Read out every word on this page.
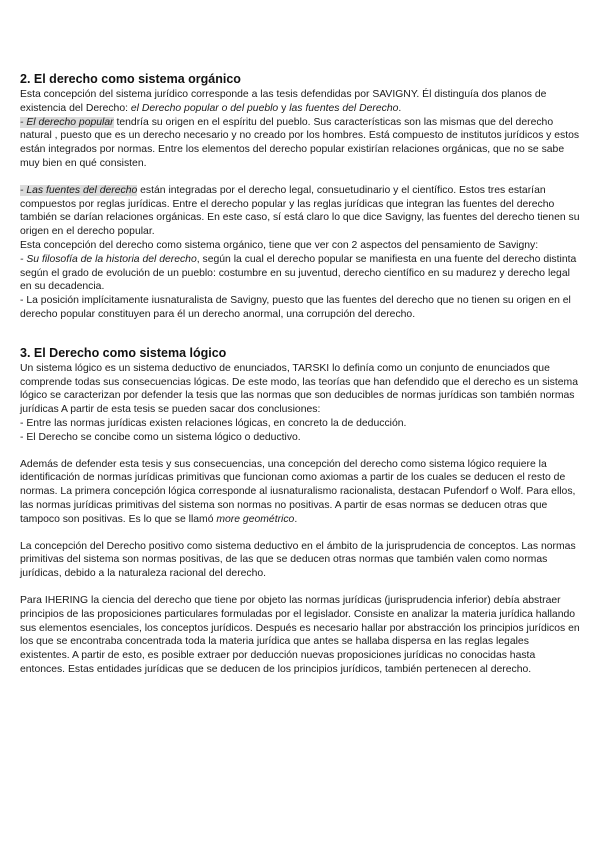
2. El derecho como sistema orgánico

Esta concepción del sistema jurídico corresponde a las tesis defendidas por SAVIGNY. Él distinguía dos planos de existencia del Derecho: el Derecho popular o del pueblo y las fuentes del Derecho.

- El derecho popular tendría su origen en el espíritu del pueblo. Sus características son las mismas que del derecho natural , puesto que es un derecho necesario y no creado por los hombres. Está compuesto de institutos jurídicos y estos están integrados por normas. Entre los elementos del derecho popular existirían relaciones orgánicas, que no se sabe muy bien en qué consisten.

- Las fuentes del derecho están integradas por el derecho legal, consuetudinario y el científico. Estos tres estarían compuestos por reglas jurídicas. Entre el derecho popular y las reglas jurídicas que integran las fuentes del derecho también se darían relaciones orgánicas. En este caso, sí está claro lo que dice Savigny, las fuentes del derecho tienen su origen en el derecho popular.

Esta concepción del derecho como sistema orgánico, tiene que ver con 2 aspectos del pensamiento de Savigny:

- Su filosofía de la historia del derecho, según la cual el derecho popular se manifiesta en una fuente del derecho distinta según el grado de evolución de un pueblo: costumbre en su juventud, derecho científico en su madurez y derecho legal en su decadencia.

- La posición implícitamente iusnaturalista de Savigny, puesto que las fuentes del derecho que no tienen su origen en el derecho popular constituyen para él un derecho anormal, una corrupción del derecho.

3. El Derecho como sistema lógico

Un sistema lógico es un sistema deductivo de enunciados, TARSKI lo definía como un conjunto de enunciados que comprende todas sus consecuencias lógicas. De este modo, las teorías que han defendido que el derecho es un sistema lógico se caracterizan por defender la tesis que las normas que son deducibles de normas jurídicas son también normas jurídicas A partir de esta tesis se pueden sacar dos conclusiones:

- Entre las normas jurídicas existen relaciones lógicas, en concreto la de deducción.

- El Derecho se concibe como un sistema lógico o deductivo.

Además de defender esta tesis y sus consecuencias, una concepción del derecho como sistema lógico requiere la identificación de normas jurídicas primitivas que funcionan como axiomas a partir de los cuales se deducen el resto de normas. La primera concepción lógica corresponde al iusnaturalismo racionalista, destacan Pufendorf o Wolf. Para ellos, las normas jurídicas primitivas del sistema son normas no positivas. A partir de esas normas se deducen otras que tampoco son positivas. Es lo que se llamó more geométrico.

La concepción del Derecho positivo como sistema deductivo en el ámbito de la jurisprudencia de conceptos. Las normas primitivas del sistema son normas positivas, de las que se deducen otras normas que también valen como normas jurídicas, debido a la naturaleza racional del derecho.

Para IHERING la ciencia del derecho que tiene por objeto las normas jurídicas (jurisprudencia inferior) debía abstraer principios de las proposiciones particulares formuladas por el legislador. Consiste en analizar la materia jurídica hallando sus elementos esenciales, los conceptos jurídicos. Después es necesario hallar por abstracción los principios jurídicos en los que se encontraba concentrada toda la materia jurídica que antes se hallaba dispersa en las reglas legales existentes. A partir de esto, es posible extraer por deducción nuevas proposiciones jurídicas no conocidas hasta entonces. Estas entidades jurídicas que se deducen de los principios jurídicos, también pertenecen al derecho.
